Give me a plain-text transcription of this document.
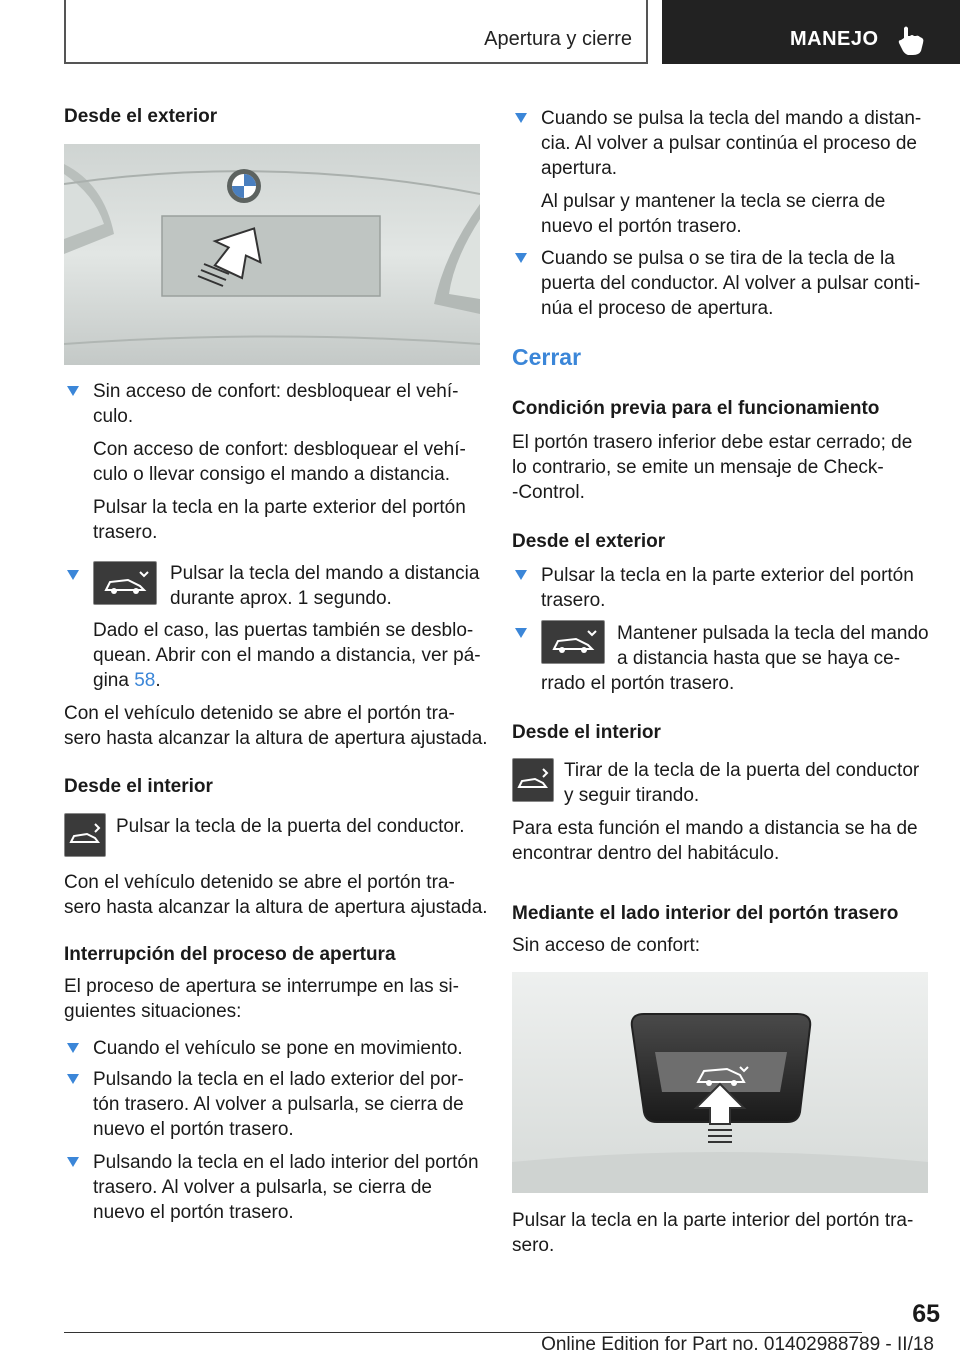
Apertura y cierre	MANEJO
Desde el exterior
Sin acceso de confort: desbloquear el vehí-
culo.
Con acceso de confort: desbloquear el vehí-
culo o llevar consigo el mando a distancia.
Pulsar la tecla en la parte exterior del portón
trasero.
Pulsar la tecla del mando a distancia
durante aprox. 1 segundo.
Dado el caso, las puertas también se desblo-
quean. Abrir con el mando a distancia, ver pá-
gina 58.
Con el vehículo detenido se abre el portón tra-
sero hasta alcanzar la altura de apertura ajustada.
Desde el interior
Pulsar la tecla de la puerta del conductor.
Con el vehículo detenido se abre el portón tra-
sero hasta alcanzar la altura de apertura ajustada.
Interrupción del proceso de apertura
El proceso de apertura se interrumpe en las si-
guientes situaciones:
Cuando el vehículo se pone en movimiento.
Pulsando la tecla en el lado exterior del por-
tón trasero. Al volver a pulsarla, se cierra de
nuevo el portón trasero.
Pulsando la tecla en el lado interior del portón
trasero. Al volver a pulsarla, se cierra de
nuevo el portón trasero.
Cuando se pulsa la tecla del mando a distan-
cia. Al volver a pulsar continúa el proceso de
apertura.
Al pulsar y mantener la tecla se cierra de
nuevo el portón trasero.
Cuando se pulsa o se tira de la tecla de la
puerta del conductor. Al volver a pulsar conti-
núa el proceso de apertura.
Cerrar
Condición previa para el funcionamiento
El portón trasero inferior debe estar cerrado; de
lo contrario, se emite un mensaje de Check-
-Control.
Desde el exterior
Pulsar la tecla en la parte exterior del portón
trasero.
Mantener pulsada la tecla del mando
a distancia hasta que se haya ce-
rrado el portón trasero.
Desde el interior
Tirar de la tecla de la puerta del conductor
y seguir tirando.
Para esta función el mando a distancia se ha de
encontrar dentro del habitáculo.
Mediante el lado interior del portón trasero
Sin acceso de confort:
Pulsar la tecla en la parte interior del portón tra-
sero.
65
Online Edition for Part no. 01402988789 - II/18
